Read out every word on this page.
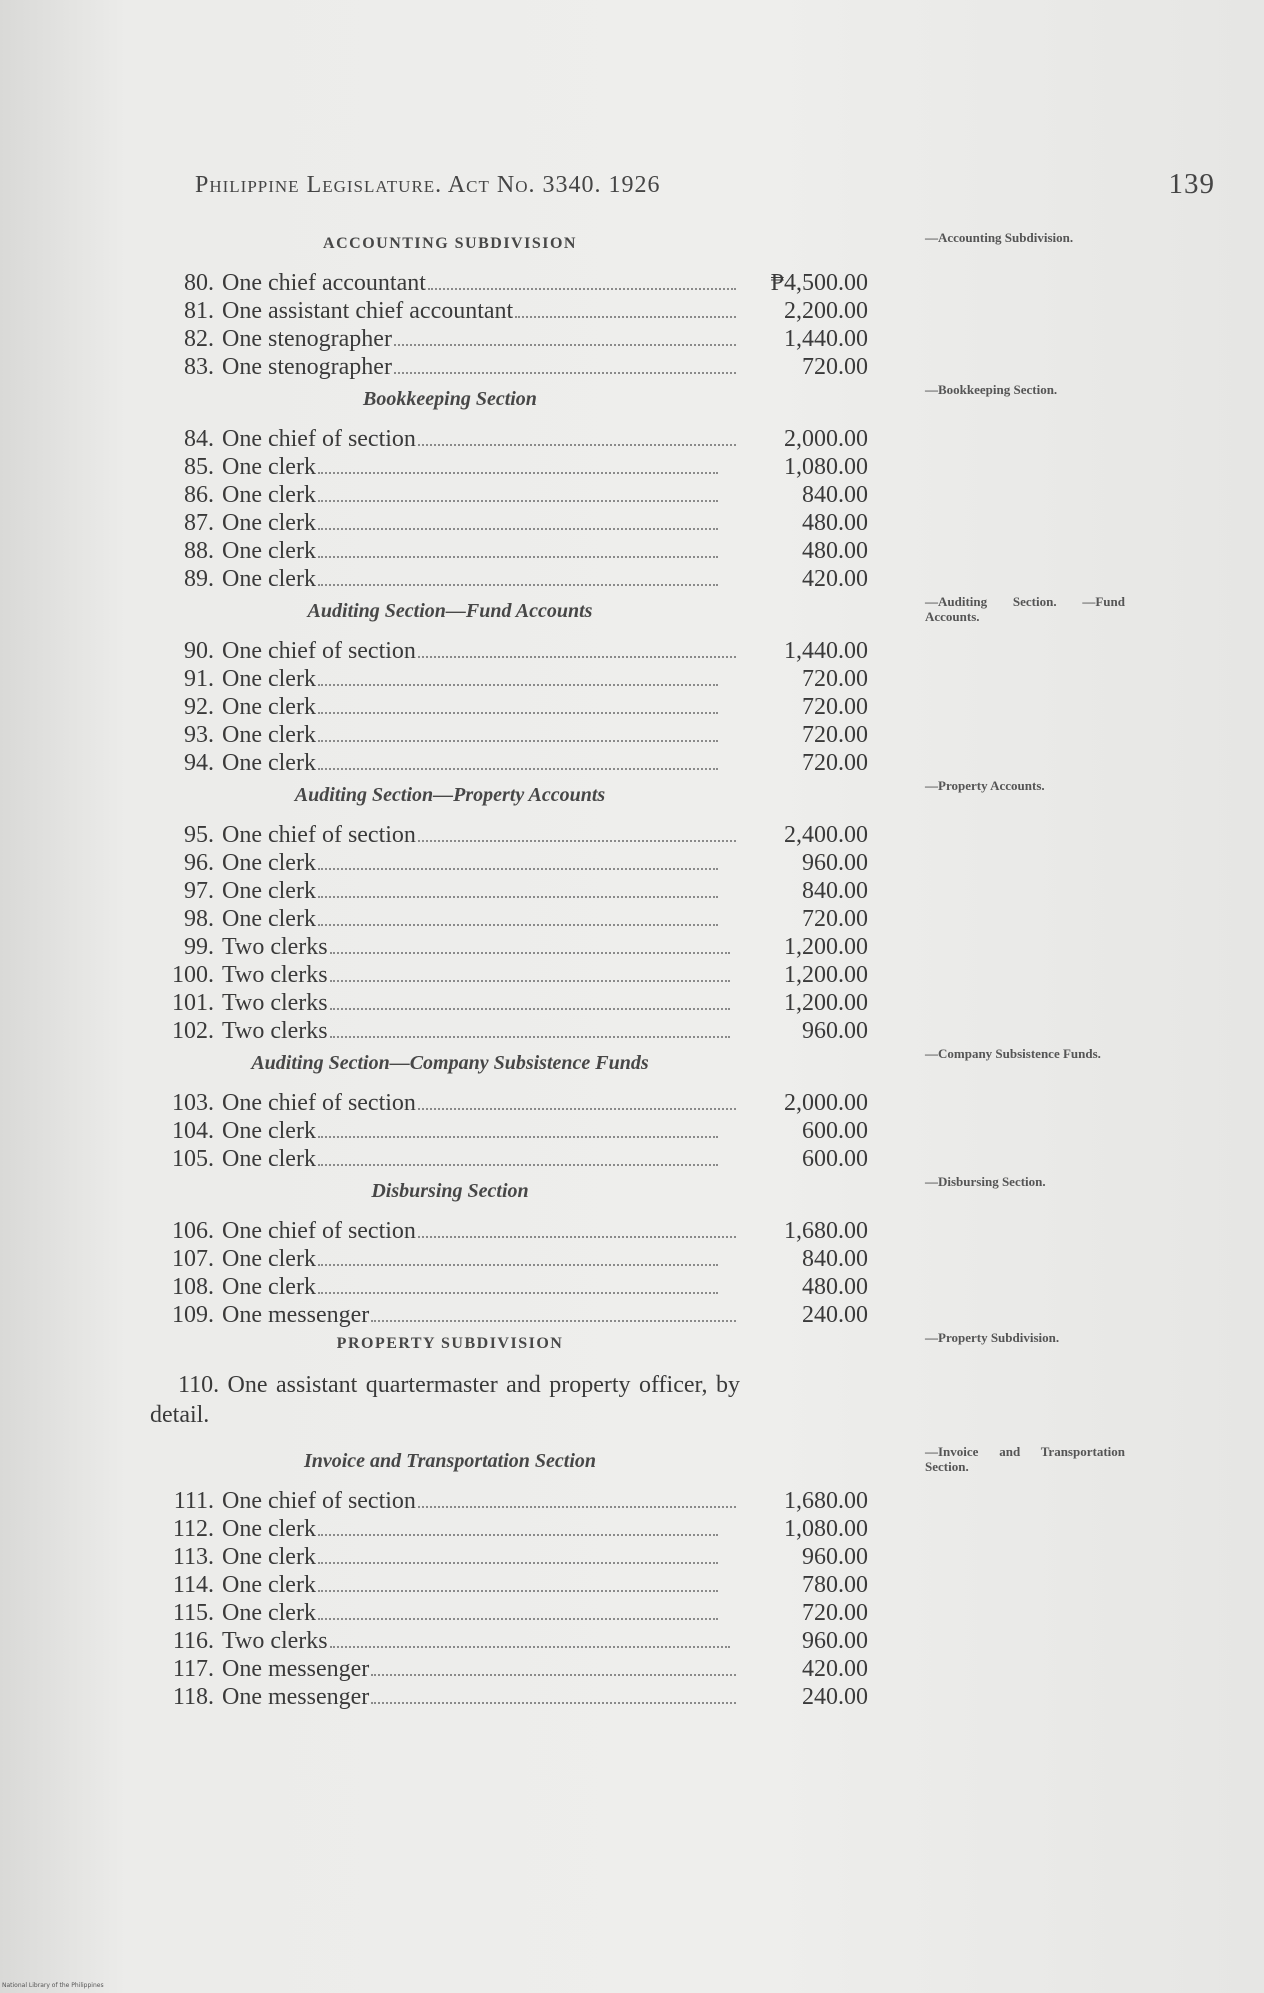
Philippine Legislature. Act No. 3340. 1926	139
ACCOUNTING SUBDIVISION
80. One chief accountant	₱4,500.00
81. One assistant chief accountant	2,200.00
82. One stenographer	1,440.00
83. One stenographer	720.00
Bookkeeping Section
84. One chief of section	2,000.00
85. One clerk	1,080.00
86. One clerk	840.00
87. One clerk	480.00
88. One clerk	480.00
89. One clerk	420.00
Auditing Section—Fund Accounts
90. One chief of section	1,440.00
91. One clerk	720.00
92. One clerk	720.00
93. One clerk	720.00
94. One clerk	720.00
Auditing Section—Property Accounts
95. One chief of section	2,400.00
96. One clerk	960.00
97. One clerk	840.00
98. One clerk	720.00
99. Two clerks	1,200.00
100. Two clerks	1,200.00
101. Two clerks	1,200.00
102. Two clerks	960.00
Auditing Section—Company Subsistence Funds
103. One chief of section	2,000.00
104. One clerk	600.00
105. One clerk	600.00
Disbursing Section
106. One chief of section	1,680.00
107. One clerk	840.00
108. One clerk	480.00
109. One messenger	240.00
PROPERTY SUBDIVISION
110. One assistant quartermaster and property officer, by detail.
Invoice and Transportation Section
111. One chief of section	1,680.00
112. One clerk	1,080.00
113. One clerk	960.00
114. One clerk	780.00
115. One clerk	720.00
116. Two clerks	960.00
117. One messenger	420.00
118. One messenger	240.00
National Library of the Philippines
—Accounting Subdivision.
—Bookkeeping Section.
—Auditing Section. —Fund Accounts.
—Property Accounts.
—Company Subsistence Funds.
—Disbursing Section.
—Property Subdivision.
—Invoice and Transportation Section.
